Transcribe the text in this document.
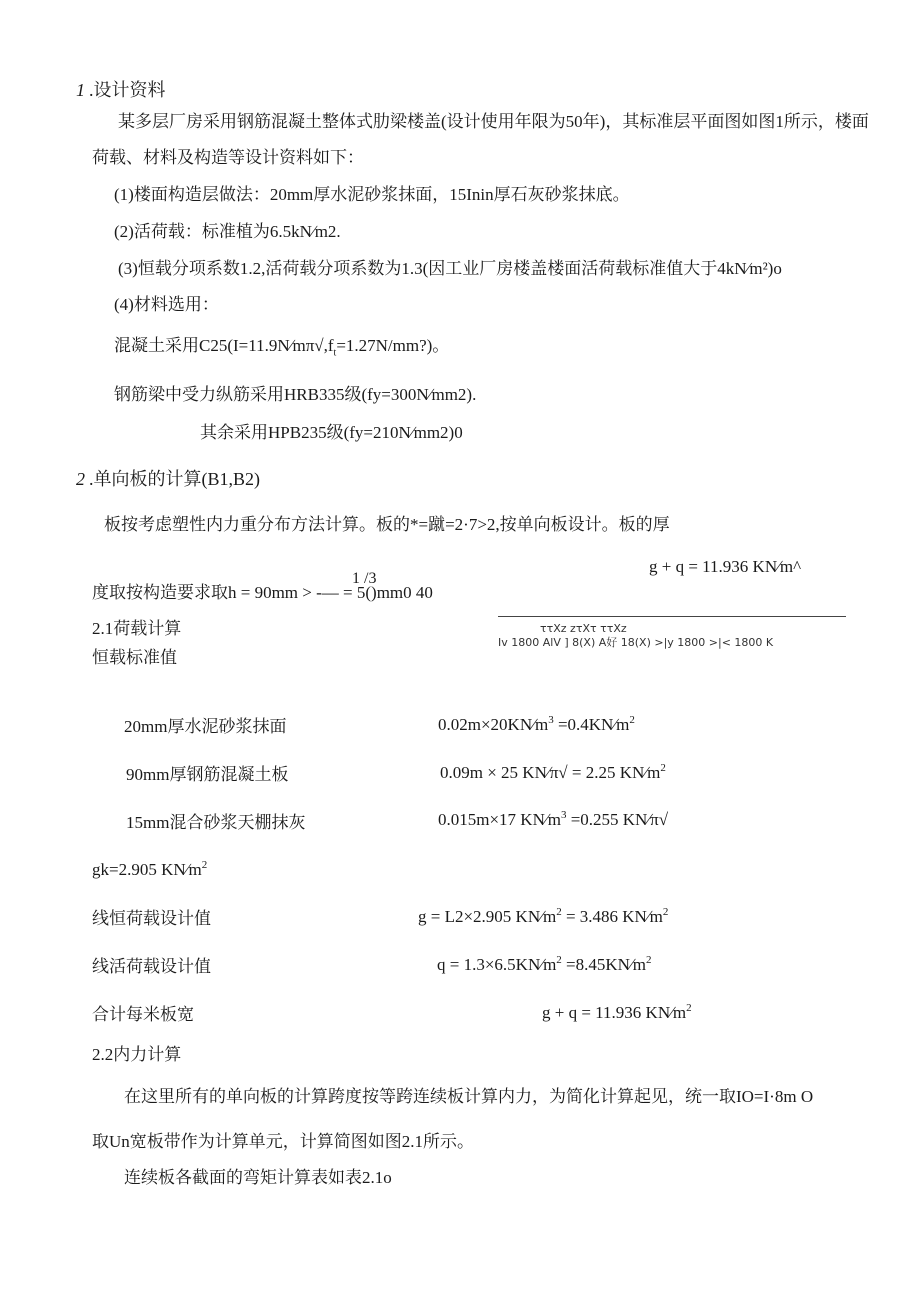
1 .设计资料
某多层厂房采用钢筋混凝土整体式肋梁楼盖(设计使用年限为50年)，其标准层平面图如图1所示，楼面
荷载、材料及构造等设计资料如下：
(1)楼面构造层做法：20mm厚水泥砂浆抹面，15Inin厚石灰砂浆抹底。
(2)活荷载：标准植为6.5kN∕m2.
(3)恒载分项系数1.2,活荷载分项系数为1.3(因工业厂房楼盖楼面活荷载标准值大于4kN∕m²)o
(4)材料选用：
混凝土采用$C25(I=11.9N∕m\pi√,f_t=1.27N/mm?)$。
钢筋梁中受力纵筋采用HRB335级(fy=300N∕mm2).
其余采用HPB235级(fy=210N∕mm2)0
2 .单向板的计算(B1,B2)
板按考虑塑性内力重分布方法计算。板的*=蹴=2·7>2,按单向板设计。板的厚
g + q = 11.936 KN∕m^
1 /3
度取按构造要求取h = 90mm > -— = 5()mm0 40
ττXz zτXτ ττXz
Iv 1800 AlV ] 8(X) A好 18(X) >|y 1800 >|< 1800 K
2.1荷载计算
恒载标准值
20mm厚水泥砂浆抹面	$0.02m\times 20KN∕m^3$ $=0.4KN∕m^2$
90mm厚钢筋混凝土板	0.09m × 25 KN∕π√ = 2.25 $KN∕m^2$
15mm混合砂浆天棚抹灰	0.015m×17 $KN∕m^3 =0.255$ KN∕π√
gk=2.905 $KN∕m^2$
线恒荷载设计值	g = L2×2.905 $KN∕m^2 = 3.486$ $KN∕m^2$
线活荷载设计值	$q = 1.3\times 6.5KN∕m^2$ $=8.45KN∕m^2$
合计每米板宽	g + q = 11.936 $KN∕m^2$
2.2内力计算
在这里所有的单向板的计算跨度按等跨连续板计算内力，为简化计算起见，统一取IO=I·8m O
取Un宽板带作为计算单元，计算简图如图2.1所示。
连续板各截面的弯矩计算表如表2.1o
